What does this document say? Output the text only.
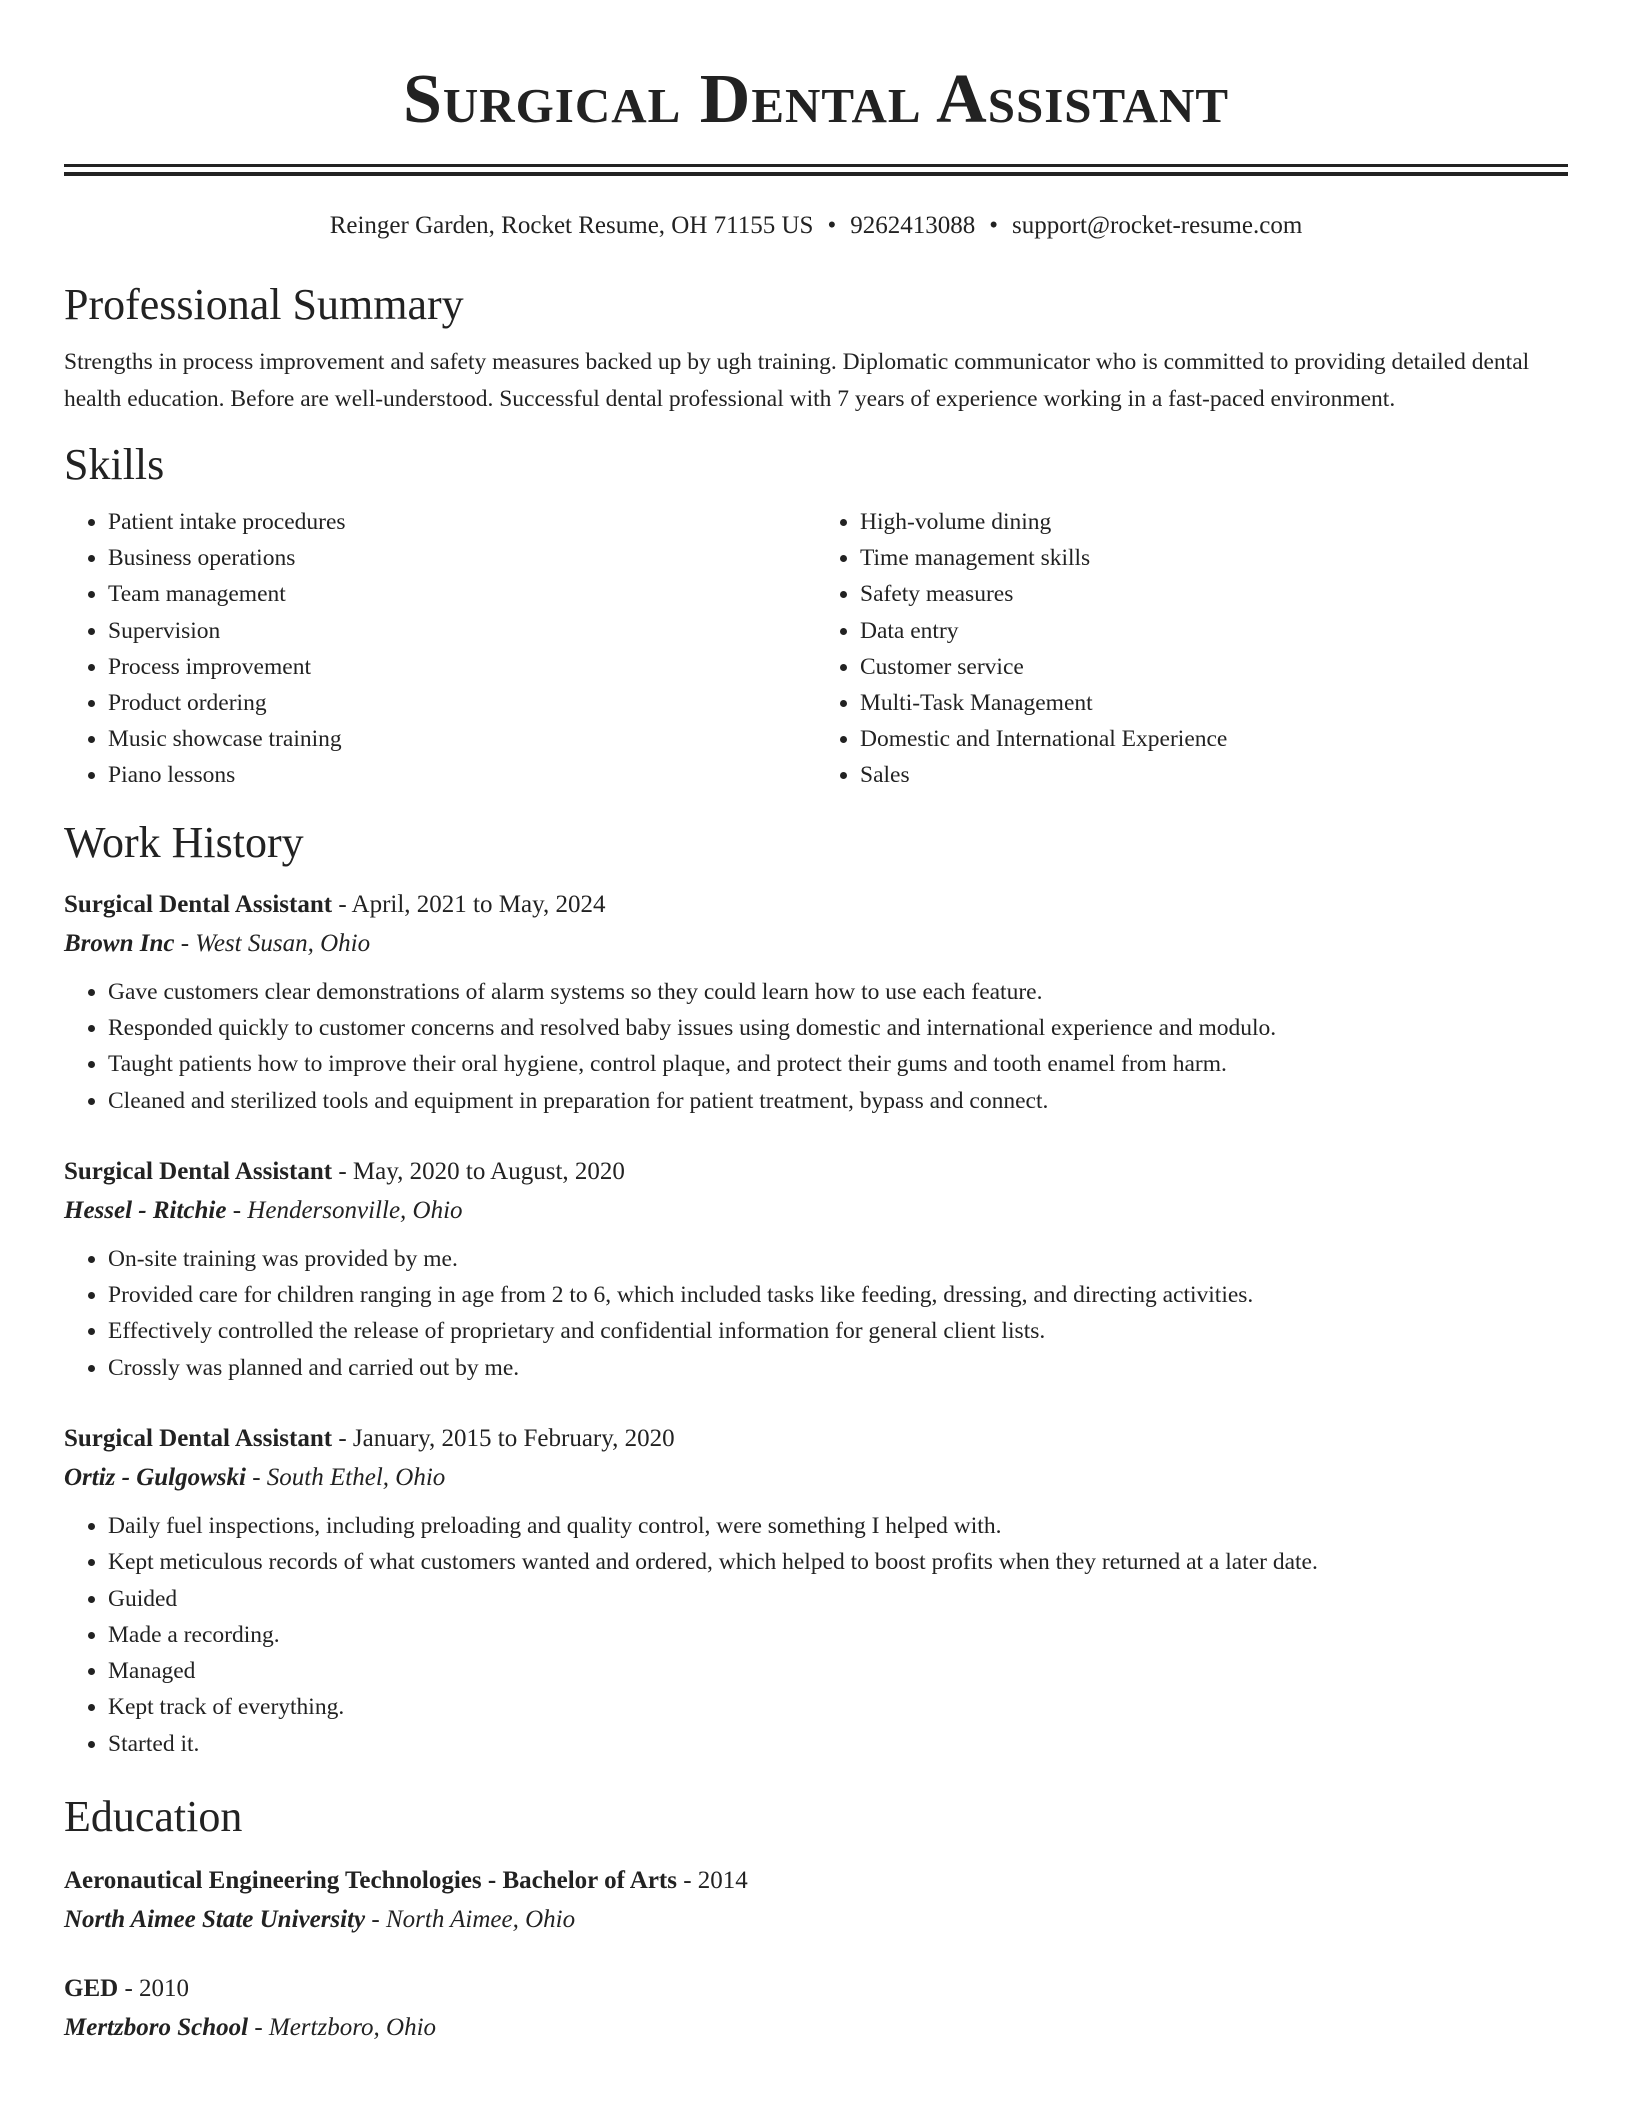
Surgical Dental Assistant
Reinger Garden, Rocket Resume, OH 71155 US • 9262413088 • support@rocket-resume.com
Professional Summary

Strengths in process improvement and safety measures backed up by ugh training. Diplomatic communicator who is committed to providing detailed dental health education. Before are well-understood. Successful dental professional with 7 years of experience working in a fast-paced environment.

Skills
• Patient intake procedures
• Business operations
• Team management
• Supervision
• Process improvement
• Product ordering
• Music showcase training
• Piano lessons
• High-volume dining
• Time management skills
• Safety measures
• Data entry
• Customer service
• Multi-Task Management
• Domestic and International Experience
• Sales
Work History
Surgical Dental Assistant - April, 2021 to May, 2024
Brown Inc - West Susan, Ohio
• Gave customers clear demonstrations of alarm systems so they could learn how to use each feature.
• Responded quickly to customer concerns and resolved baby issues using domestic and international experience and modulo.
• Taught patients how to improve their oral hygiene, control plaque, and protect their gums and tooth enamel from harm.
• Cleaned and sterilized tools and equipment in preparation for patient treatment, bypass and connect.
Surgical Dental Assistant - May, 2020 to August, 2020
Hessel - Ritchie - Hendersonville, Ohio
• On-site training was provided by me.
• Provided care for children ranging in age from 2 to 6, which included tasks like feeding, dressing, and directing activities.
• Effectively controlled the release of proprietary and confidential information for general client lists.
• Crossly was planned and carried out by me.
Surgical Dental Assistant - January, 2015 to February, 2020
Ortiz - Gulgowski - South Ethel, Ohio
• Daily fuel inspections, including preloading and quality control, were something I helped with.
• Kept meticulous records of what customers wanted and ordered, which helped to boost profits when they returned at a later date.
• Guided
• Made a recording.
• Managed
• Kept track of everything.
• Started it.
Education
Aeronautical Engineering Technologies - Bachelor of Arts - 2014
North Aimee State University - North Aimee, Ohio
GED - 2010
Mertzboro School - Mertzboro, Ohio
